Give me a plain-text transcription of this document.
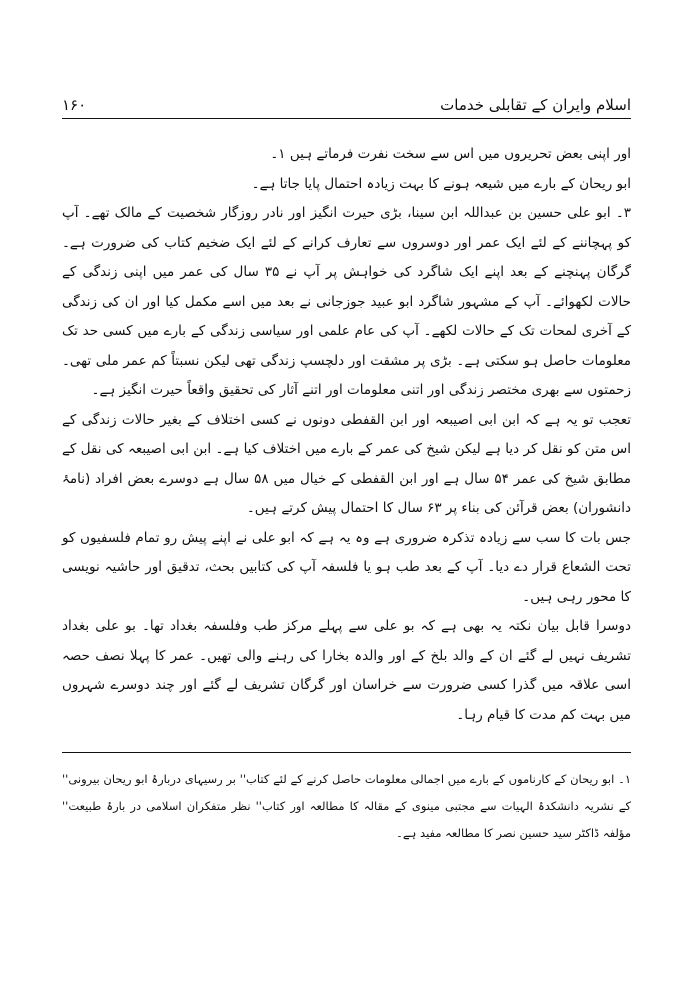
اسلام وایران کے تقابلی خدمات
۱۶۰

اور اپنی بعض تحریروں میں اس سے سخت نفرت فرماتے ہیں ۱۔

ابو ریحان کے بارے میں شیعہ ہونے کا بہت زیادہ احتمال پایا جاتا ہے۔

۳۔ ابو علی حسین بن عبداللہ ابن سینا، بڑی حیرت انگیز اور نادر روزگار شخصیت کے مالک تھے۔ آپ کو پہچاننے کے لئے ایک عمر اور دوسروں سے تعارف کرانے کے لئے ایک ضخیم کتاب کی ضرورت ہے۔ گرگان پہنچنے کے بعد اپنے ایک شاگرد کی خواہش پر آپ نے ۳۵ سال کی عمر میں اپنی زندگی کے حالات لکھوائے۔ آپ کے مشہور شاگرد ابو عبید جوزجانی نے بعد میں اسے مکمل کیا اور ان کی زندگی کے آخری لمحات تک کے حالات لکھے۔ آپ کی عام علمی اور سیاسی زندگی کے بارے میں کسی حد تک معلومات حاصل ہو سکتی ہے۔ بڑی پر مشقت اور دلچسپ زندگی تھی لیکن نسبتاً کم عمر ملی تھی۔ زحمتوں سے بھری مختصر زندگی اور اتنی معلومات اور اتنے آثار کی تحقیق واقعاً حیرت انگیز ہے۔

تعجب تو یہ ہے کہ ابن ابی اصیبعہ اور ابن القفطی دونوں نے کسی اختلاف کے بغیر حالات زندگی کے اس متن کو نقل کر دیا ہے لیکن شیخ کی عمر کے بارے میں اختلاف کیا ہے۔ ابن ابی اصیبعہ کی نقل کے مطابق شیخ کی عمر ۵۴ سال ہے اور ابن القفطی کے خیال میں ۵۸ سال ہے دوسرے بعض افراد (نامۂ دانشوران) بعض قرآئن کی بناء پر ۶۳ سال کا احتمال پیش کرتے ہیں۔

جس بات کا سب سے زیادہ تذکرہ ضروری ہے وہ یہ ہے کہ ابو علی نے اپنے پیش رو تمام فلسفیوں کو تحت الشعاع قرار دے دیا۔ آپ کے بعد طب ہو یا فلسفہ آپ کی کتابیں بحث، تدقیق اور حاشیہ نویسی کا محور رہی ہیں۔

دوسرا قابل بیان نکتہ یہ بھی ہے کہ بو علی سے پہلے مرکز طب وفلسفہ بغداد تھا۔ بو علی بغداد تشریف نہیں لے گئے ان کے والد بلخ کے اور والدہ بخارا کی رہنے والی تھیں۔ عمر کا پہلا نصف حصہ اسی علاقہ میں گذرا کسی ضرورت سے خراسان اور گرگان تشریف لے گئے اور چند دوسرے شہروں میں بہت کم مدت کا قیام رہا۔

۱۔ ابو ریحان کے کارناموں کے بارے میں اجمالی معلومات حاصل کرنے کے لئے کتاب'' بر رسیہای دربارۂ ابو ریحان بیرونی'' کے نشریہ دانشکدۂ الہیات سے مجتبی مینوی کے مقالہ کا مطالعہ اور کتاب'' نظر متفکران اسلامی در بارۂ طبیعت'' مؤلفہ ڈاکٹر سید حسین نصر کا مطالعہ مفید ہے۔
